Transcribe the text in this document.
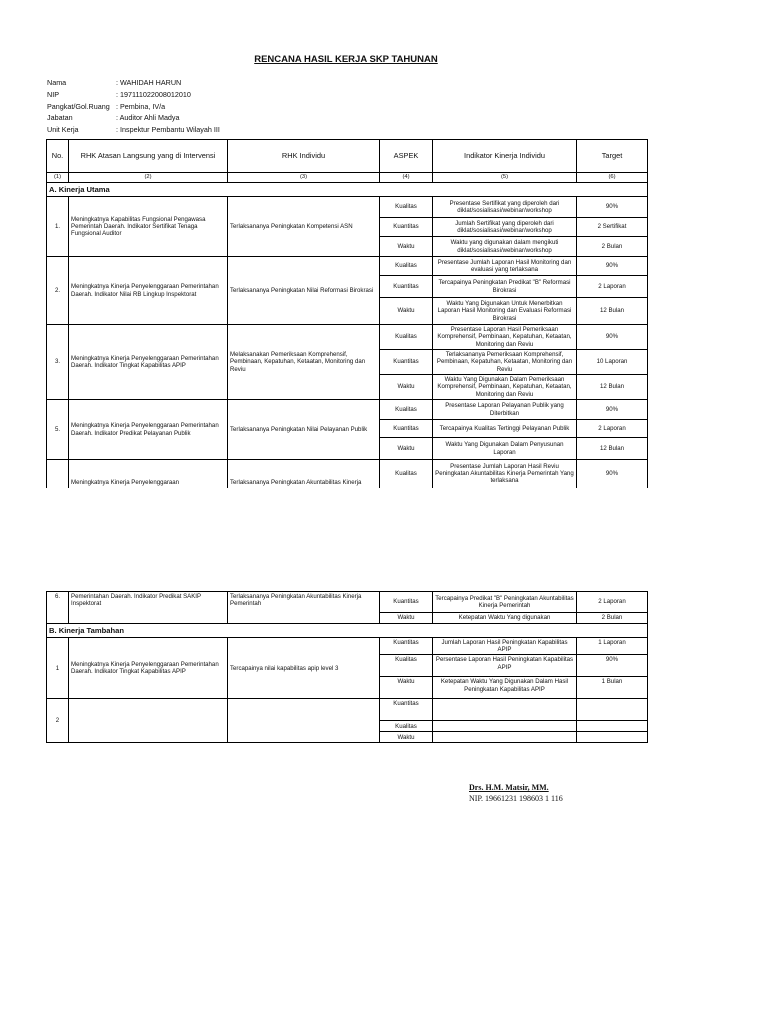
RENCANA HASIL KERJA SKP TAHUNAN
Nama	: WAHIDAH HARUN
NIP	: 197111022008012010
Pangkat/Gol.Ruang : Pembina, IV/a
Jabatan	: Auditor Ahli Madya
Unit Kerja	: Inspektur Pembantu Wilayah III
No.	RHK Atasan Langsung yang di Intervensi	RHK Individu	ASPEK	Indikator Kinerja Individu	Target
(1)	(2)	(3)	(4)	(5)	(6)
A. Kinerja Utama					
1.	Meningkatnya Kapabilitas Fungsional Pengawasa Pemerintah Daerah. Indikator Sertifikat Tenaga Fungsional Auditor	Terlaksananya Peningkatan Kompetensi ASN	Kualitas	Presentase Sertifikat yang diperoleh dari diklat/sosialisasi/webinar/workshop	90%
			Kuantitas	Jumlah Sertifikat yang diperoleh dari diklat/sosialisasi/webinar/workshop	2 Sertifikat
			Waktu	Waktu yang digunakan dalam mengikuti diklat/sosialisasi/webinar/workshop	2 Bulan
2.	Meningkatnya Kinerja Penyelenggaraan Pemerintahan Daerah. Indikator Nilai RB Lingkup Inspektorat	Terlaksananya Peningkatan Nilai Reformasi Birokrasi	Kualitas	Presentase Jumlah Laporan Hasil Monitoring dan evaluasi yang terlaksana	90%
			Kuantitas	Tercapainya Peningkatan Predikat "B" Reformasi Birokrasi	2 Laporan
			Waktu	Waktu Yang Digunakan Untuk Menerbitkan Laporan Hasil Monitoring dan Evaluasi Reformasi Birokrasi	12 Bulan
3.	Meningkatnya Kinerja Penyelenggaraan Pemerintahan Daerah. Indikator Tingkat Kapabilitas APIP	Melaksanakan Pemeriksaan Komprehensif, Pembinaan, Kepatuhan, Ketaatan, Monitoring dan Reviu	Kualitas	Presentase Laporan Hasil Pemeriksaan Komprehensif, Pembinaan, Kepatuhan, Ketaatan, Monitoring dan Reviu	90%
			Kuantitas	Terlaksananya Pemeriksaan Komprehensif, Pembinaan, Kepatuhan, Ketaatan, Monitoring dan Reviu	10 Laporan
			Waktu	Waktu Yang Digunakan Dalam Pemeriksaan Komprehensif, Pembinaan, Kepatuhan, Ketaatan, Monitoring dan Reviu	12 Bulan
5.	Meningkatnya Kinerja Penyelenggaraan Pemerintahan Daerah. Indikator Predikat Pelayanan Publik	Terlaksananya Peningkatan Nilai Pelayanan Publik	Kualitas	Presentase Laporan Pelayanan Publik yang Diterbitkan	90%
			Kuantitas	Tercapainya Kualitas Tertinggi Pelayanan Publik	2 Laporan
			Waktu	Waktu Yang Digunakan Dalam Penyusunan Laporan	12 Bulan
	Meningkatnya Kinerja Penyelenggaraan	Terlaksananya Peningkatan Akuntabilitas Kinerja	Kualitas	Presentase Jumlah Laporan Hasil Reviu Peningkatan Akuntabilitas Kinerja Pemerintah Yang terlaksana	90%
6.	Pemerintahan Daerah. Indikator Predikat SAKIP Inspektorat	Terlaksananya Peningkatan Akuntabilitas Kinerja Pemerintah	Kuantitas	Tercapainya Predikat "B" Peningkatan Akuntabilitas Kinerja Pemerintah	2 Laporan
			Waktu	Ketepatan Waktu Yang digunakan	2 Bulan
B. Kinerja Tambahan					
1	Meningkatnya Kinerja Penyelenggaraan Pemerintahan Daerah. Indikator Tingkat Kapabilitas APIP	Tercapainya nilai kapabilitas apip level 3	Kuantitas	Jumlah Laporan Hasil Peningkatan Kapabilitas APIP	1 Laporan
			Kualitas	Persentase Laporan Hasil Peningkatan Kapabilitas APIP	90%
			Waktu	Ketepatan Waktu Yang Digunakan Dalam Hasil Peningkatan Kapabilitas APIP	1 Bulan
2			Kuantitas		
			Kualitas		
			Waktu		
Drs. H.M. Matsir, MM.
NIP. 19661231 198603 1 116
